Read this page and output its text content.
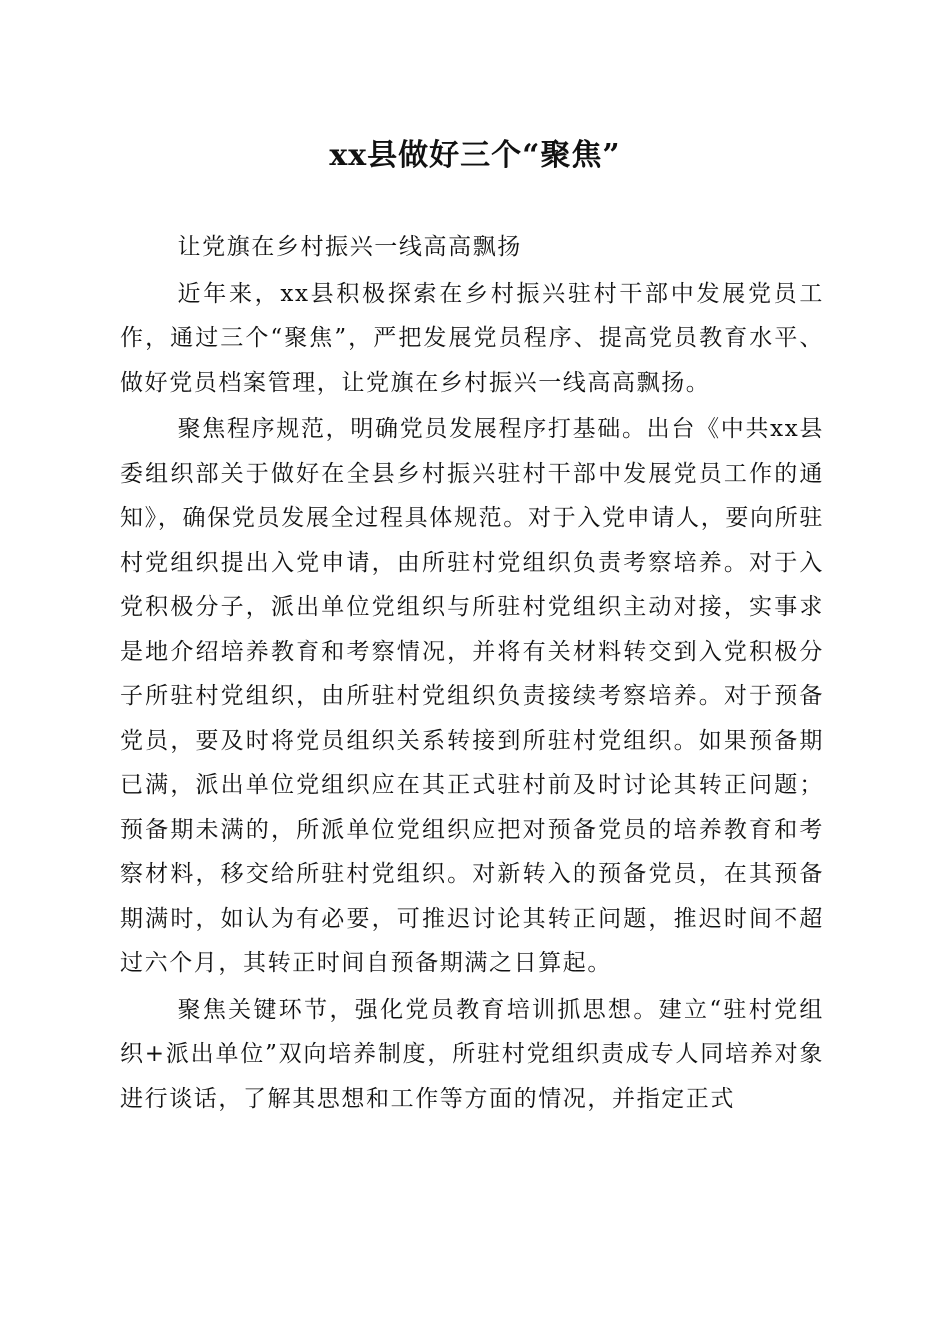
xx县做好三个“聚焦”

让党旗在乡村振兴一线高高飘扬

近年来，xx县积极探索在乡村振兴驻村干部中发展党员工作，通过三个“聚焦”，严把发展党员程序、提高党员教育水平、做好党员档案管理，让党旗在乡村振兴一线高高飘扬。

聚焦程序规范，明确党员发展程序打基础。出台《中共xx县委组织部关于做好在全县乡村振兴驻村干部中发展党员工作的通知》，确保党员发展全过程具体规范。对于入党申请人，要向所驻村党组织提出入党申请，由所驻村党组织负责考察培养。对于入党积极分子，派出单位党组织与所驻村党组织主动对接，实事求是地介绍培养教育和考察情况，并将有关材料转交到入党积极分子所驻村党组织，由所驻村党组织负责接续考察培养。对于预备党员，要及时将党员组织关系转接到所驻村党组织。如果预备期已满，派出单位党组织应在其正式驻村前及时讨论其转正问题；预备期未满的，所派单位党组织应把对预备党员的培养教育和考察材料，移交给所驻村党组织。对新转入的预备党员，在其预备期满时，如认为有必要，可推迟讨论其转正问题，推迟时间不超过六个月，其转正时间自预备期满之日算起。

聚焦关键环节，强化党员教育培训抓思想。建立“驻村党组织+派出单位”双向培养制度，所驻村党组织责成专人同培养对象进行谈话，了解其思想和工作等方面的情况，并指定正式
